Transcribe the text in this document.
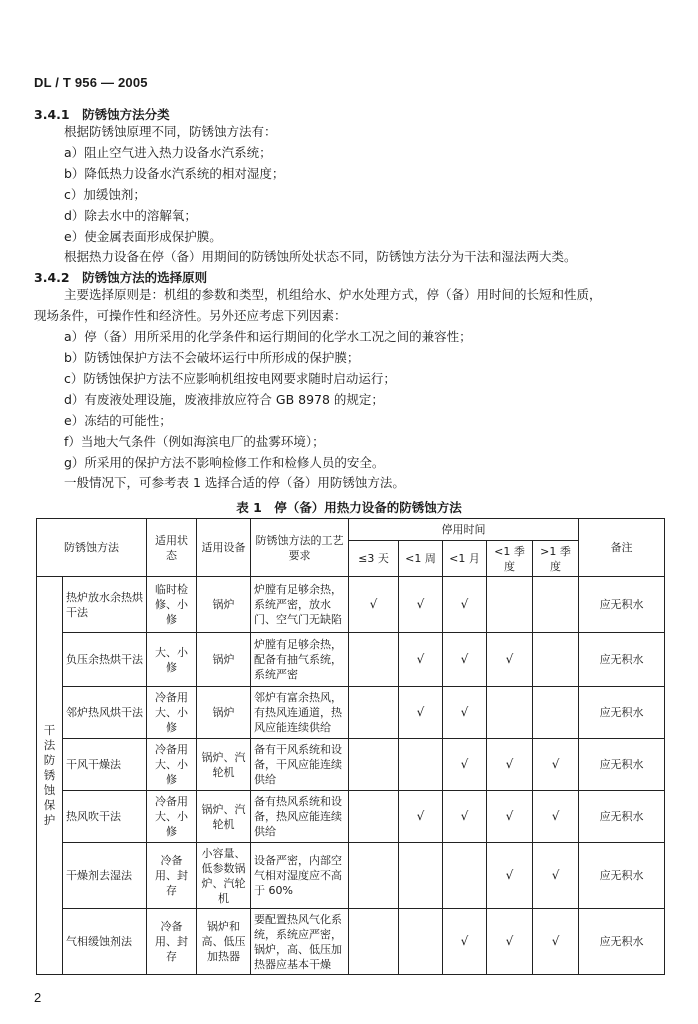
DL / T 956 — 2005
3.4.1　防锈蚀方法分类
根据防锈蚀原理不同，防锈蚀方法有：
a）阻止空气进入热力设备水汽系统；
b）降低热力设备水汽系统的相对湿度；
c）加缓蚀剂；
d）除去水中的溶解氧；
e）使金属表面形成保护膜。
根据热力设备在停（备）用期间的防锈蚀所处状态不同，防锈蚀方法分为干法和湿法两大类。
3.4.2　防锈蚀方法的选择原则
主要选择原则是：机组的参数和类型，机组给水、炉水处理方式，停（备）用时间的长短和性质，
现场条件，可操作性和经济性。另外还应考虑下列因素：
a）停（备）用所采用的化学条件和运行期间的化学水工况之间的兼容性；
b）防锈蚀保护方法不会破坏运行中所形成的保护膜；
c）防锈蚀保护方法不应影响机组按电网要求随时启动运行；
d）有废液处理设施，废液排放应符合 GB 8978 的规定；
e）冻结的可能性；
f）当地大气条件（例如海滨电厂的盐雾环境）；
g）所采用的保护方法不影响检修工作和检修人员的安全。
一般情况下，可参考表 1 选择合适的停（备）用防锈蚀方法。
表 1　停（备）用热力设备的防锈蚀方法
防锈蚀方法		适用状态	适用设备	防锈蚀方法的工艺要求	停用时间					备注
					≤3 天	<1 周	<1 月	<1 季度	>1 季度	
干法防锈蚀保护	热炉放水余热烘干法	临时检修、小修	锅炉	炉膛有足够余热，系统严密，放水门、空气门无缺陷	√	√	√			应无积水
	负压余热烘干法	大、小修	锅炉	炉膛有足够余热，配备有抽气系统，系统严密		√	√	√		应无积水
	邻炉热风烘干法	冷备用大、小修	锅炉	邻炉有富余热风，有热风连通道，热风应能连续供给		√	√			应无积水
	干风干燥法	冷备用大、小修	锅炉、汽轮机	备有干风系统和设备，干风应能连续供给			√	√	√	应无积水
	热风吹干法	冷备用大、小修	锅炉、汽轮机	备有热风系统和设备，热风应能连续供给		√	√	√	√	应无积水
	干燥剂去湿法	冷备用、封存	小容量、低参数锅炉、汽轮机	设备严密，内部空气相对湿度应不高于 60%				√	√	应无积水
	气相缓蚀剂法	冷备用、封存	锅炉和高、低压加热器	要配置热风气化系统，系统应严密，锅炉，高、低压加热器应基本干燥			√	√	√	应无积水
2
